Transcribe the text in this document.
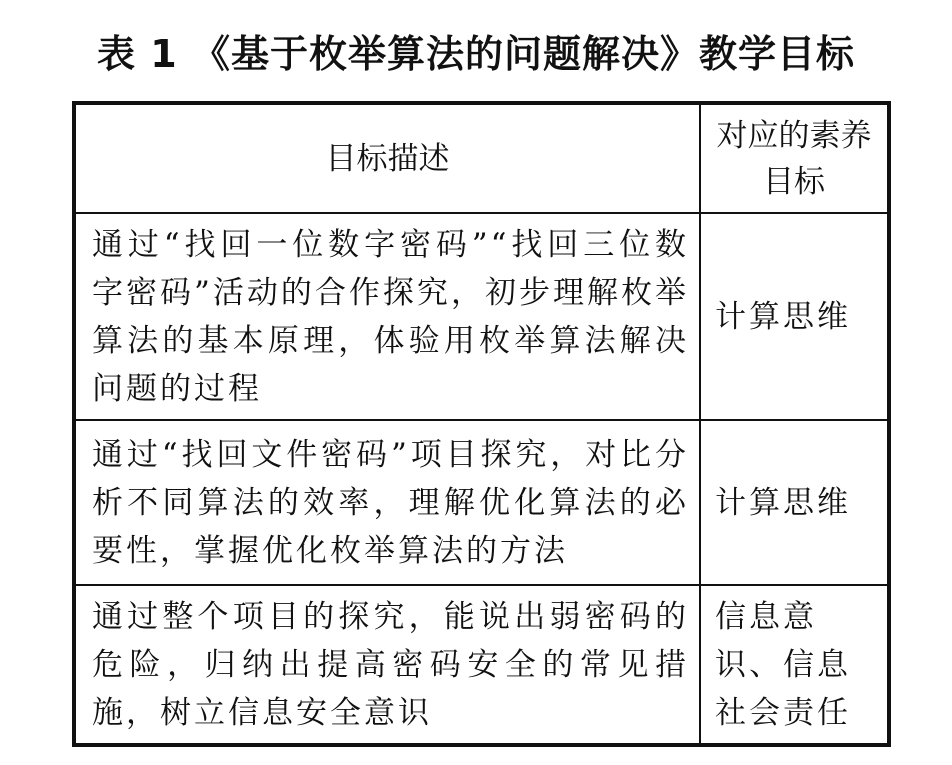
表 1 《基于枚举算法的问题解决》教学目标
目标描述	对应的素养目标
通过“找回一位数字密码”“找回三位数字密码”活动的合作探究，初步理解枚举算法的基本原理，体验用枚举算法解决问题的过程	计算思维
通过“找回文件密码”项目探究，对比分析不同算法的效率，理解优化算法的必要性，掌握优化枚举算法的方法	计算思维
通过整个项目的探究，能说出弱密码的危险，归纳出提高密码安全的常见措施，树立信息安全意识	信息意识、信息社会责任
